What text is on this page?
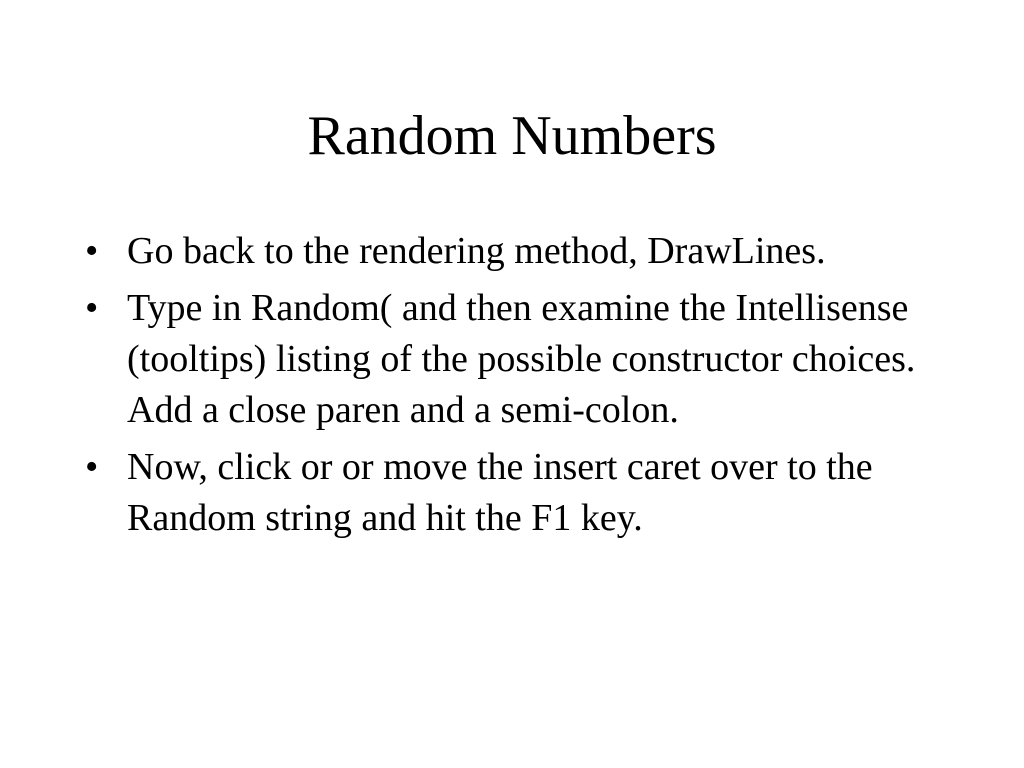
Random Numbers
• Go back to the rendering method, DrawLines.
• Type in Random( and then examine the Intellisense (tooltips) listing of the possible constructor choices. Add a close paren and a semi-colon.
• Now, click or or move the insert caret over to the Random string and hit the F1 key.
